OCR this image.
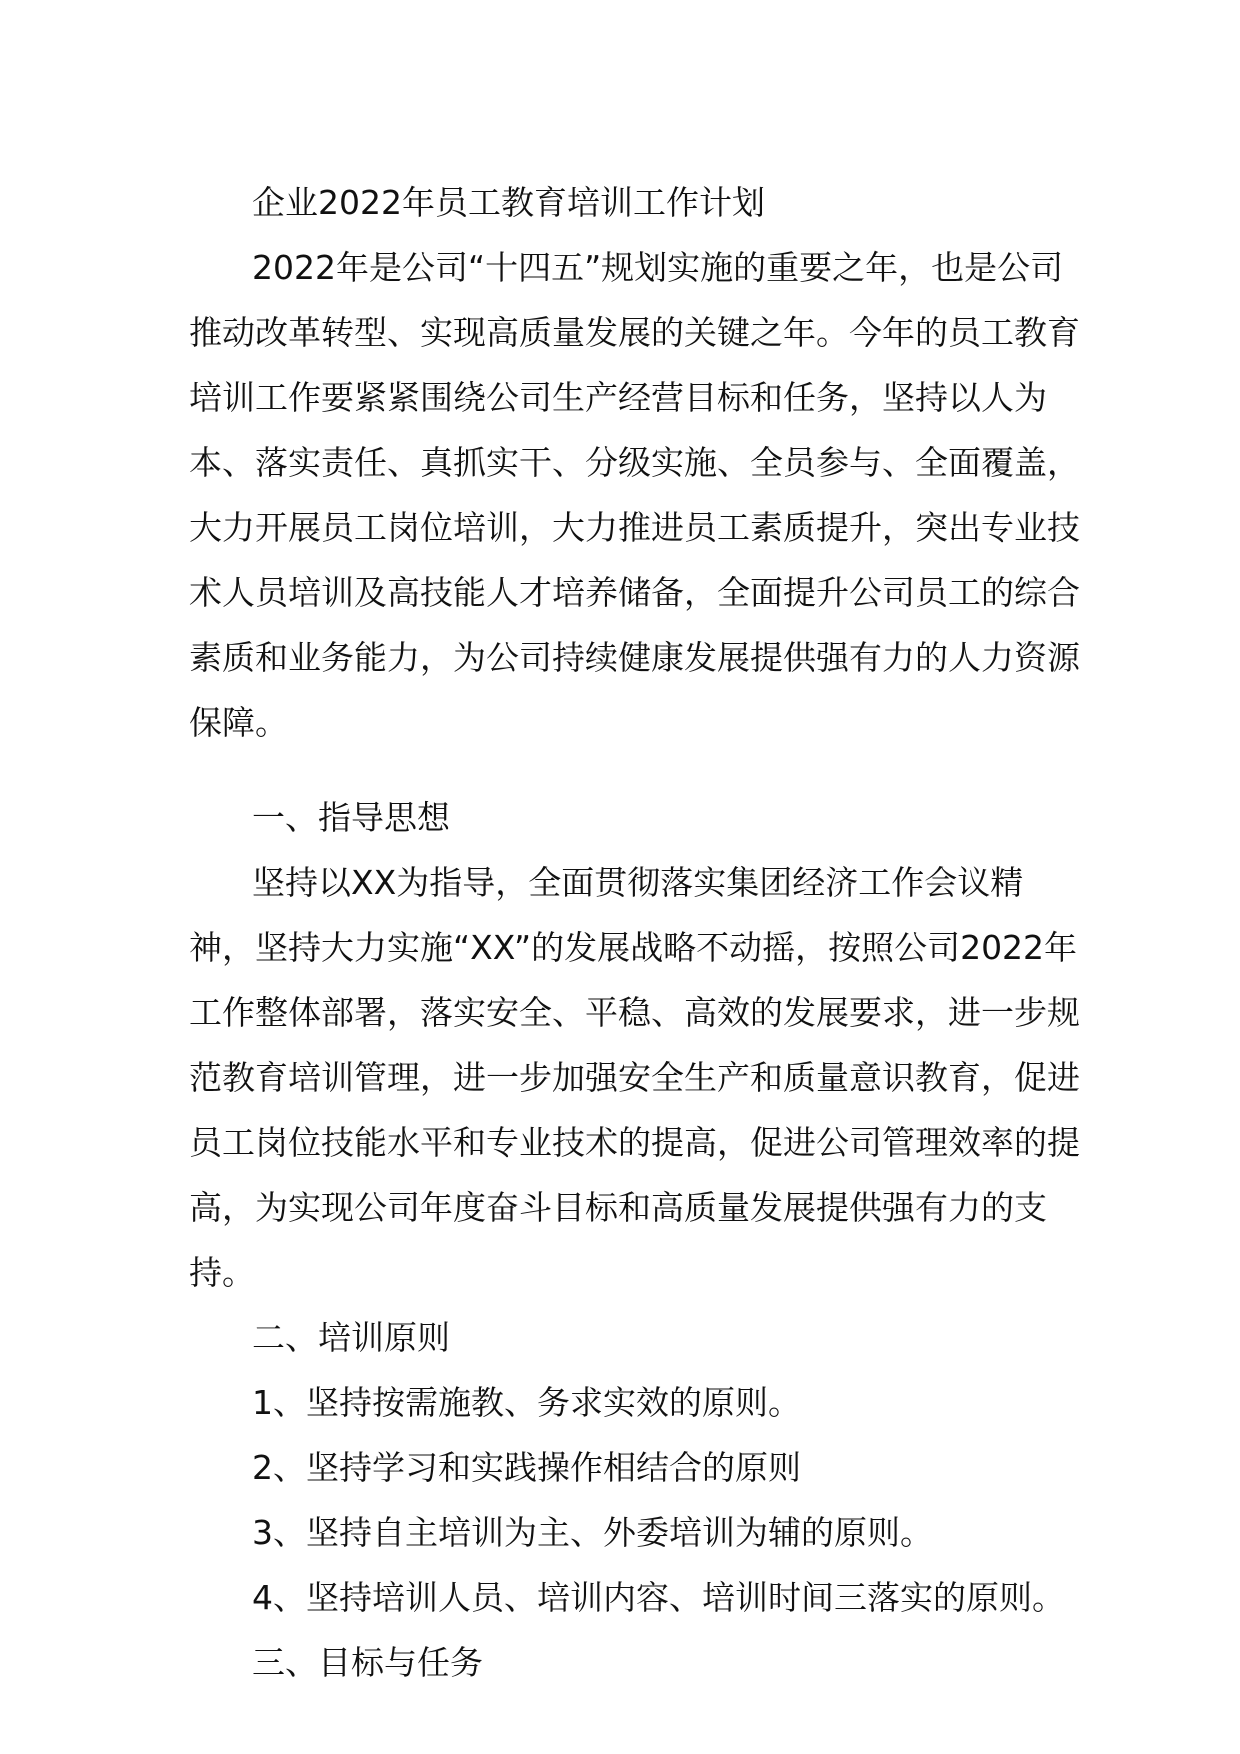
企业2022年员工教育培训工作计划

2022年是公司“十四五”规划实施的重要之年，也是公司推动改革转型、实现高质量发展的关键之年。今年的员工教育培训工作要紧紧围绕公司生产经营目标和任务，坚持以人为本、落实责任、真抓实干、分级实施、全员参与、全面覆盖，大力开展员工岗位培训，大力推进员工素质提升，突出专业技术人员培训及高技能人才培养储备，全面提升公司员工的综合素质和业务能力，为公司持续健康发展提供强有力的人力资源保障。

一、指导思想

坚持以XX为指导，全面贯彻落实集团经济工作会议精神，坚持大力实施“XX”的发展战略不动摇，按照公司2022年工作整体部署，落实安全、平稳、高效的发展要求，进一步规范教育培训管理，进一步加强安全生产和质量意识教育，促进员工岗位技能水平和专业技术的提高，促进公司管理效率的提高，为实现公司年度奋斗目标和高质量发展提供强有力的支持。

二、培训原则

1、坚持按需施教、务求实效的原则。

2、坚持学习和实践操作相结合的原则

3、坚持自主培训为主、外委培训为辅的原则。

4、坚持培训人员、培训内容、培训时间三落实的原则。

三、目标与任务
